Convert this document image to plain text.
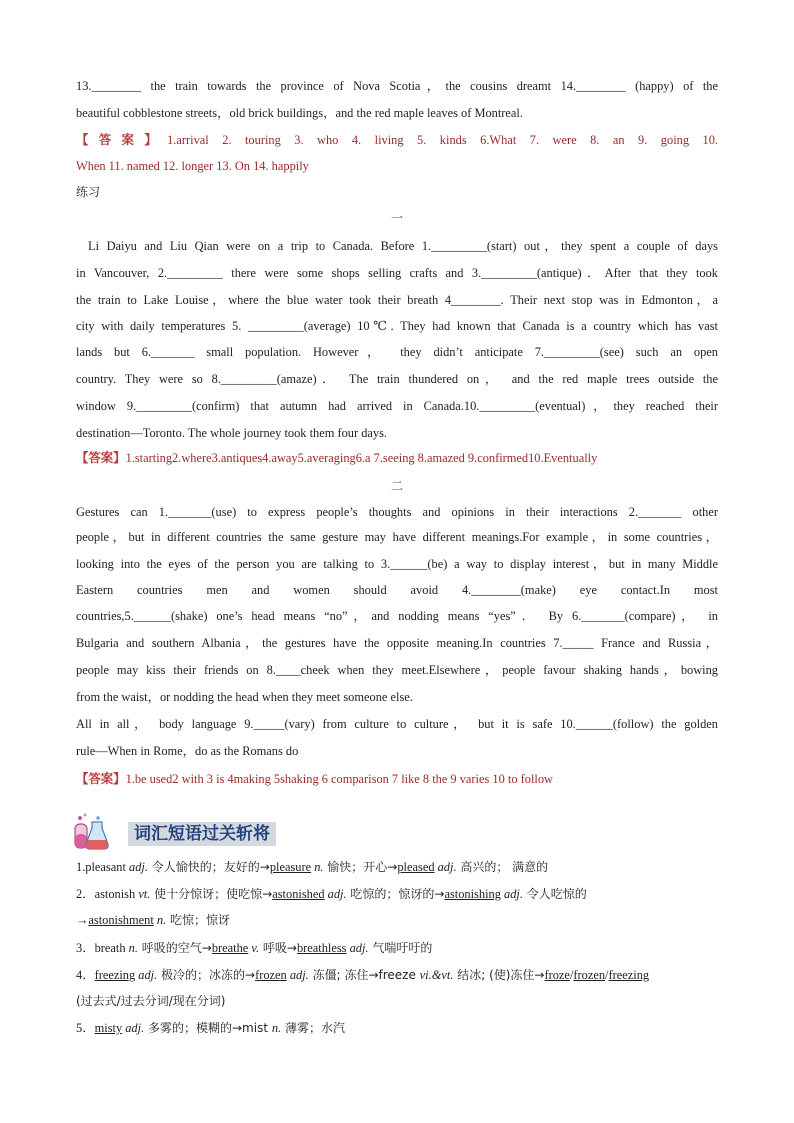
13.________ the train towards the province of Nova Scotia，the cousins dreamt 14.________ (happy) of the
beautiful cobblestone streets，old brick buildings，and the red maple leaves of Montreal.
【答案】1.arrival 2. touring 3. who 4. living 5. kinds 6.What 7. were 8. an 9. going 10.
When 11. named 12. longer 13. On 14. happily
练习
一
Li Daiyu and Liu Qian were on a trip to Canada. Before 1._________(start) out，they spent a couple of days
in Vancouver, 2._________ there were some shops selling crafts and 3._________(antique)．After that they took
the train to Lake Louise，where the blue water took their breath 4________. Their next stop was in Edmonton，a
city with daily temperatures 5. _________(average) 10℃. They had known that Canada is a country which has vast
lands but 6._______ small population. However， they didn’t anticipate 7._________(see) such an open
country. They were so 8._________(amaze)． The train thundered on， and the red maple trees outside the
window 9._________(confirm) that autumn had arrived in Canada.10._________(eventual)，they reached their
destination—Toronto. The whole journey took them four days.
【答案】1.starting2.where3.antiques4.away5.averaging6.a 7.seeing 8.amazed 9.confirmed10.Eventually
二
Gestures can 1._______(use) to express people’s thoughts and opinions in their interactions 2._______ other
people，but in different countries the same gesture may have different meanings.For example，in some countries，
looking into the eyes of the person you are talking to 3.______(be) a way to display interest，but in many Middle
Eastern countries men and women should avoid 4.________(make) eye contact.In most
countries,5.______(shake) one’s head means “no”，and nodding means “yes”． By 6._______(compare)， in
Bulgaria and southern Albania，the gestures have the opposite meaning.In countries 7._____ France and Russia，
people may kiss their friends on 8.____cheek when they meet.Elsewhere，people favour shaking hands，bowing
from the waist，or nodding the head when they meet someone else.
All in all， body language 9._____(vary) from culture to culture， but it is safe 10.______(follow) the golden
rule—When in Rome，do as the Romans do
【答案】1.be used2 with 3 is 4making 5shaking 6 comparison 7 like 8 the 9 varies 10 to follow
词汇短语过关斩将
1.pleasant adj. 令人愉快的；友好的→pleasure n. 愉快；开心→pleased adj. 高兴的； 满意的
2．astonish vt. 使十分惊讶；使吃惊→astonished adj. 吃惊的；惊讶的→astonishing adj. 令人吃惊的
→astonishment n. 吃惊；惊讶
3．breath n. 呼吸的空气→breathe v. 呼吸→breathless adj. 气喘吁吁的
4．freezing adj. 极冷的；冰冻的→frozen adj. 冻僵; 冻住→freeze vi.&vt. 结冰; (使)冻住→froze/frozen/freezing
(过去式/过去分词/现在分词)
5．misty adj. 多雾的；模糊的→mist n. 薄雾；水汽
